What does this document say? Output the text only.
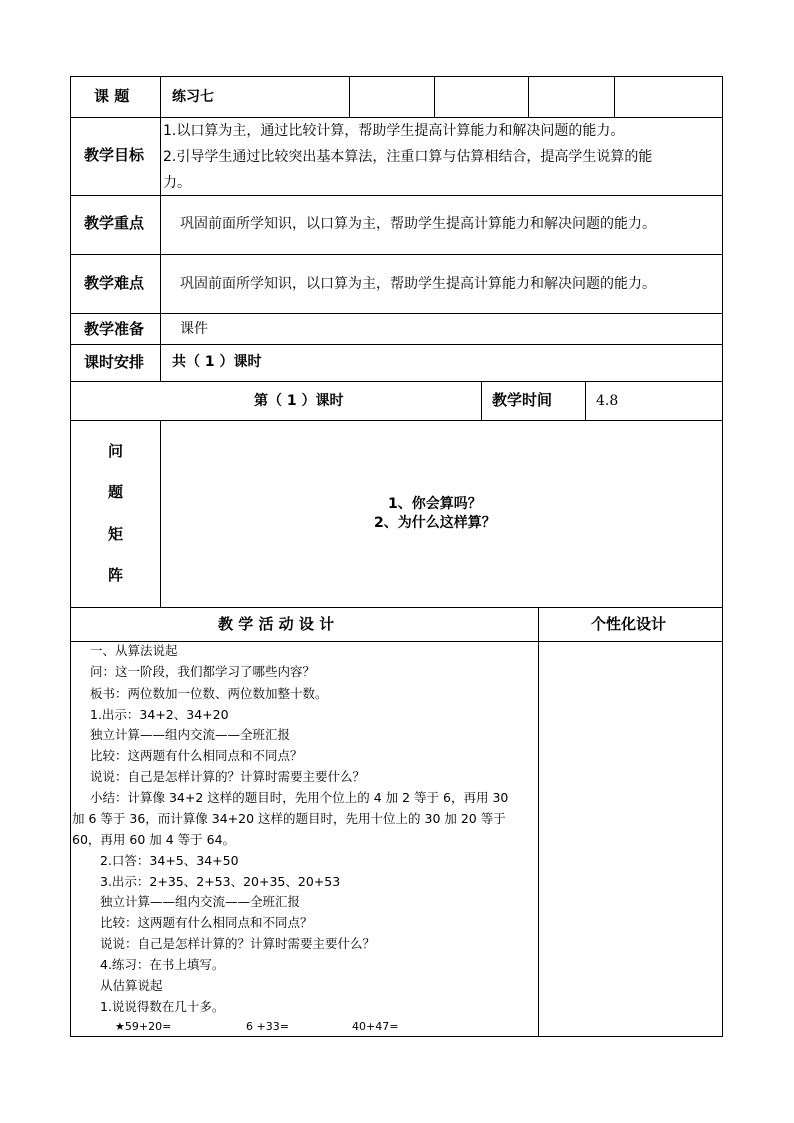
课 题	练习七
教学目标
1.以口算为主，通过比较计算，帮助学生提高计算能力和解决问题的能力。
2.引导学生通过比较突出基本算法，注重口算与估算相结合，提高学生说算的能
力。
教学重点	巩固前面所学知识，以口算为主，帮助学生提高计算能力和解决问题的能力。
教学难点	巩固前面所学知识，以口算为主，帮助学生提高计算能力和解决问题的能力。
教学准备	课件
课时安排 共（ 1 ）课时
第（ 1 ）课时	教学时间	4.8
问
题
矩
阵
1、你会算吗？
2、为什么这样算？
教 学 活 动 设 计	个性化设计
一、从算法说起
问：这一阶段，我们都学习了哪些内容？
板书：两位数加一位数、两位数加整十数。
1.出示：34+2、34+20
独立计算——组内交流——全班汇报
比较：这两题有什么相同点和不同点？
说说：自己是怎样计算的？计算时需要主要什么？
小结：计算像 34+2 这样的题目时，先用个位上的 4 加 2 等于 6，再用 30
加 6 等于 36，而计算像 34+20 这样的题目时，先用十位上的 30 加 20 等于
60，再用 60 加 4 等于 64。
2.口答：34+5、34+50
3.出示：2+35、2+53、20+35、20+53
独立计算——组内交流——全班汇报
比较：这两题有什么相同点和不同点？
说说：自己是怎样计算的？计算时需要主要什么？
4.练习：在书上填写。
从估算说起
1.说说得数在几十多。
★59+20=	6 +33=	40+47=
